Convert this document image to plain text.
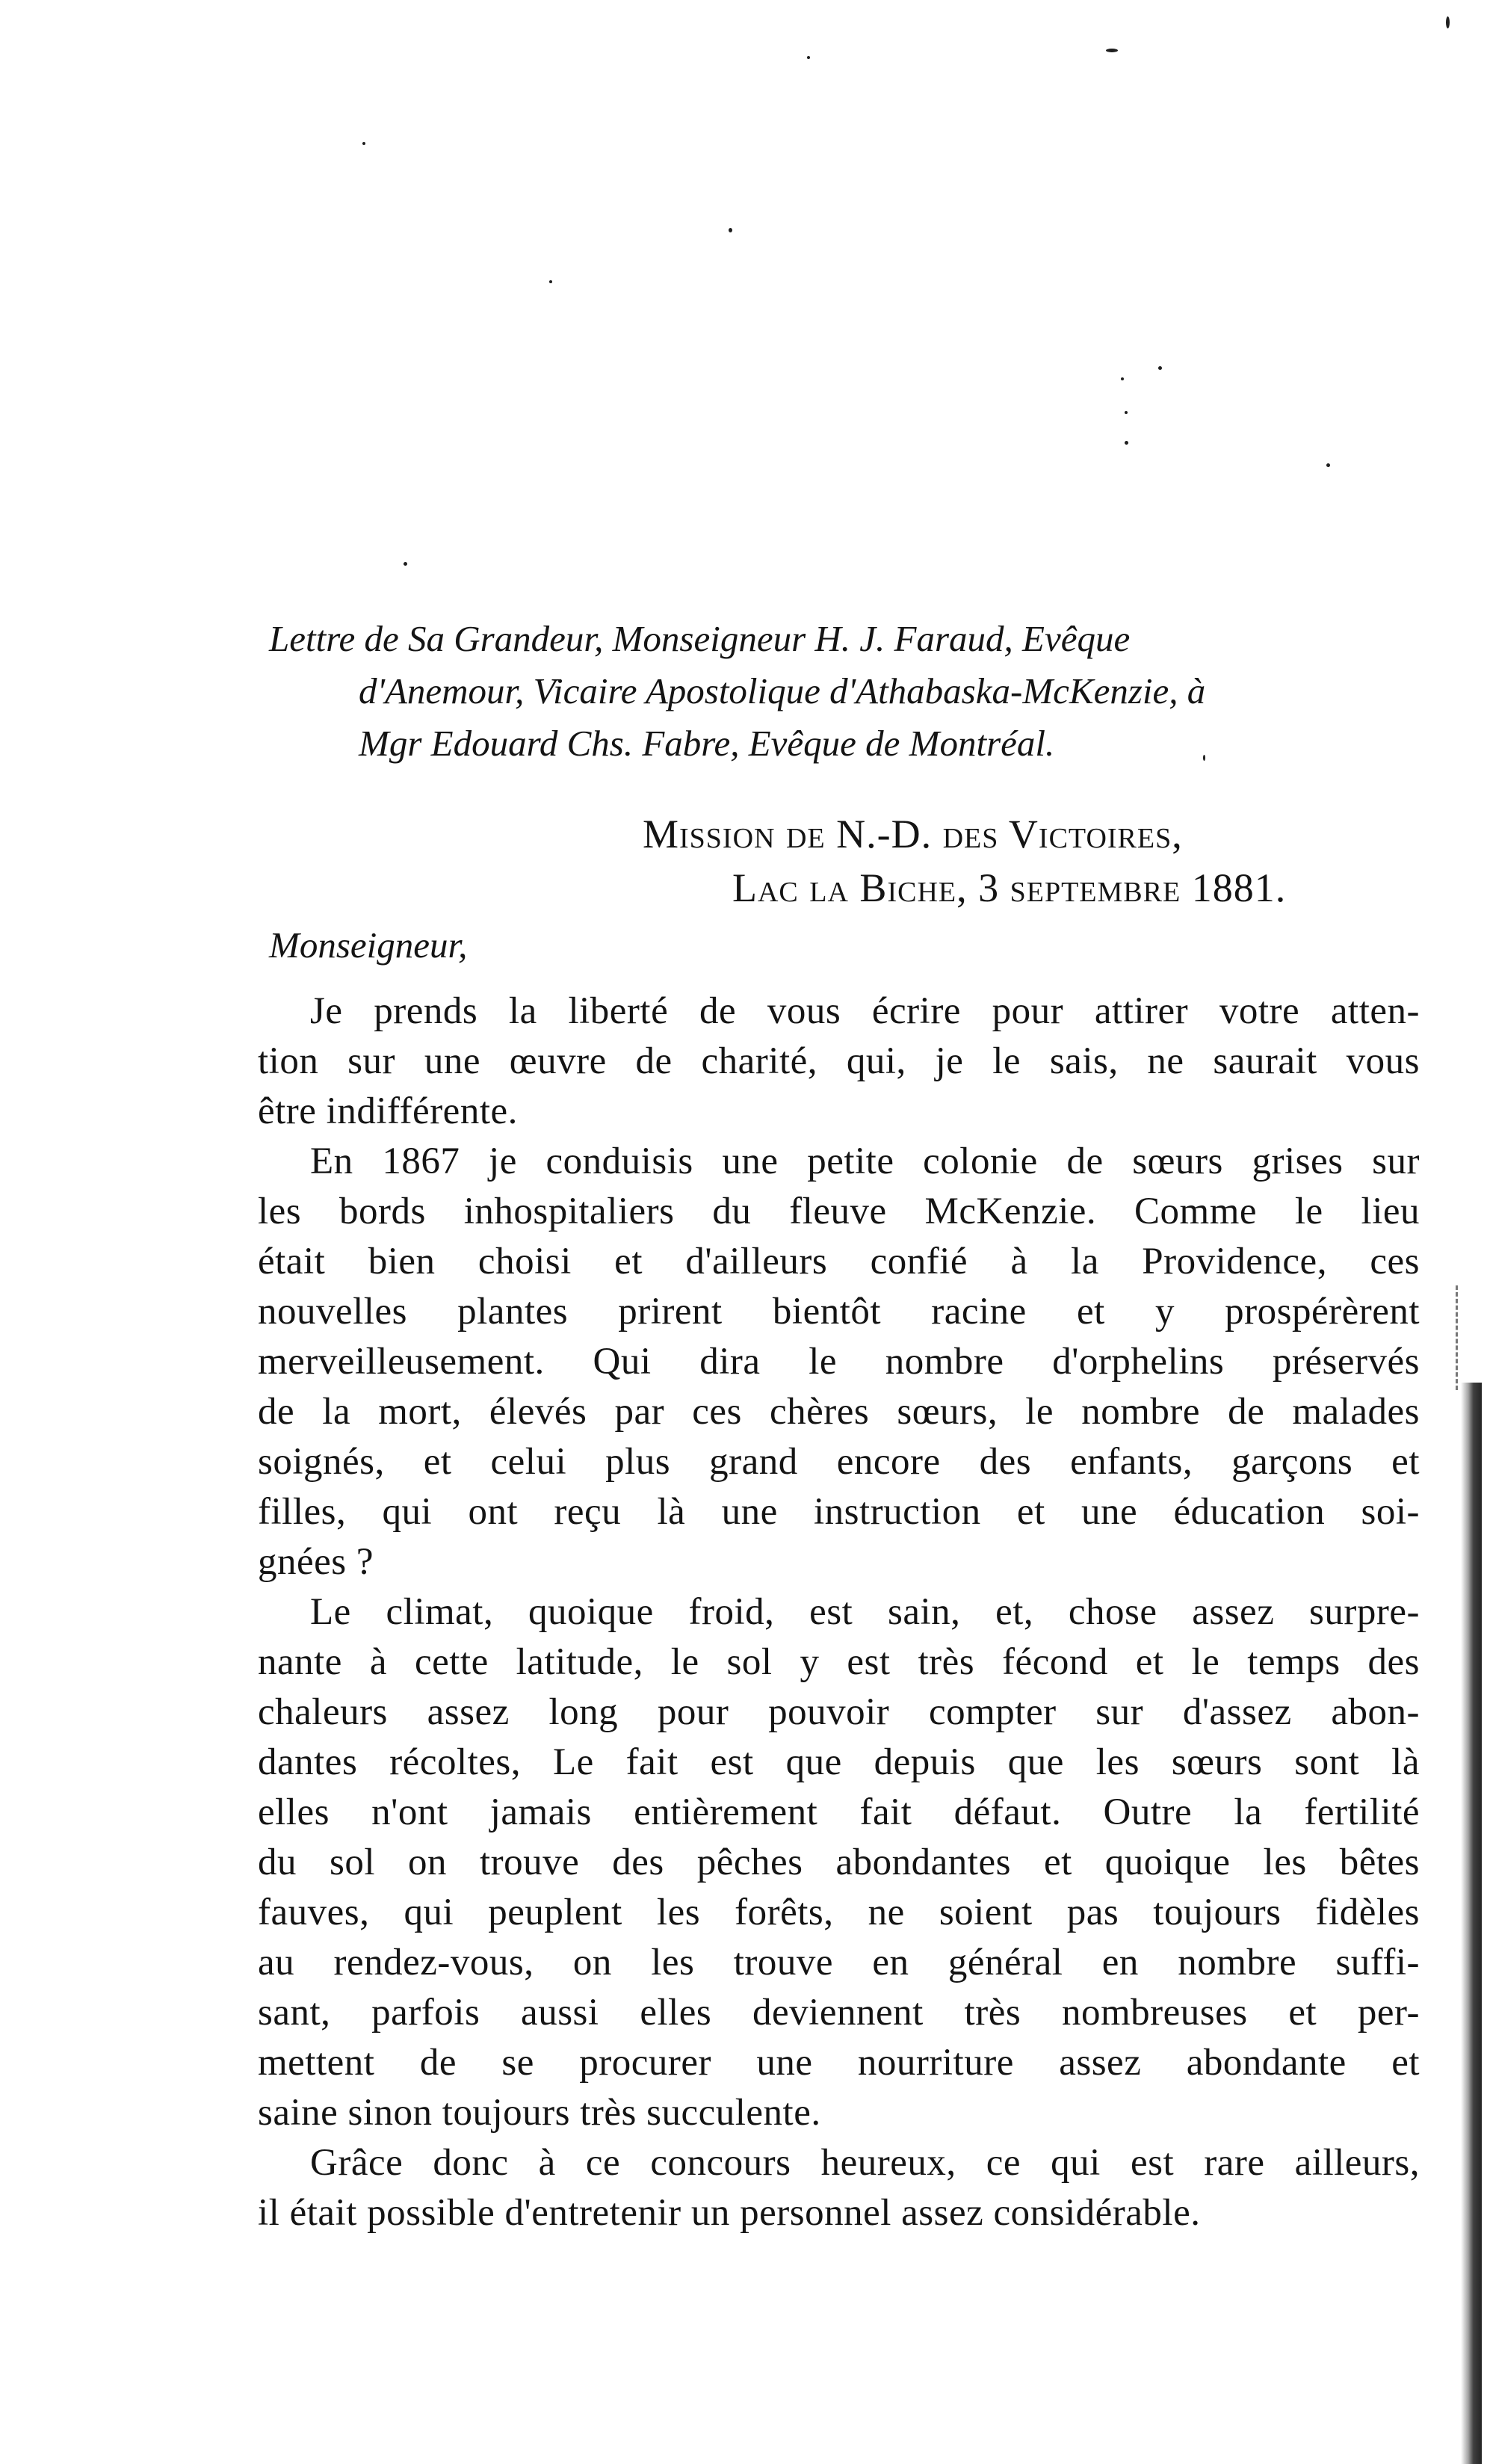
Lettre de Sa Grandeur, Monseigneur H. J. Faraud, Evêque
d'Anemour, Vicaire Apostolique d'Athabaska-McKenzie, à
Mgr Edouard Chs. Fabre, Evêque de Montréal.
Mission de N.-D. des Victoires,
Lac la Biche, 3 septembre 1881.
Monseigneur,

Je prends la liberté de vous écrire pour attirer votre atten-
tion sur une œuvre de charité, qui, je le sais, ne saurait vous
être indifférente.

En 1867 je conduisis une petite colonie de sœurs grises sur
les bords inhospitaliers du fleuve McKenzie. Comme le lieu
était bien choisi et d'ailleurs confié à la Providence, ces
nouvelles plantes prirent bientôt racine et y prospérèrent
merveilleusement. Qui dira le nombre d'orphelins préservés
de la mort, élevés par ces chères sœurs, le nombre de malades
soignés, et celui plus grand encore des enfants, garçons et
filles, qui ont reçu là une instruction et une éducation soi-
gnées ?

Le climat, quoique froid, est sain, et, chose assez surpre-
nante à cette latitude, le sol y est très fécond et le temps des
chaleurs assez long pour pouvoir compter sur d'assez abon-
dantes récoltes, Le fait est que depuis que les sœurs sont là
elles n'ont jamais entièrement fait défaut. Outre la fertilité
du sol on trouve des pêches abondantes et quoique les bêtes
fauves, qui peuplent les forêts, ne soient pas toujours fidèles
au rendez-vous, on les trouve en général en nombre suffi-
sant, parfois aussi elles deviennent très nombreuses et per-
mettent de se procurer une nourriture assez abondante et
saine sinon toujours très succulente.

Grâce donc à ce concours heureux, ce qui est rare ailleurs,
il était possible d'entretenir un personnel assez considérable.
